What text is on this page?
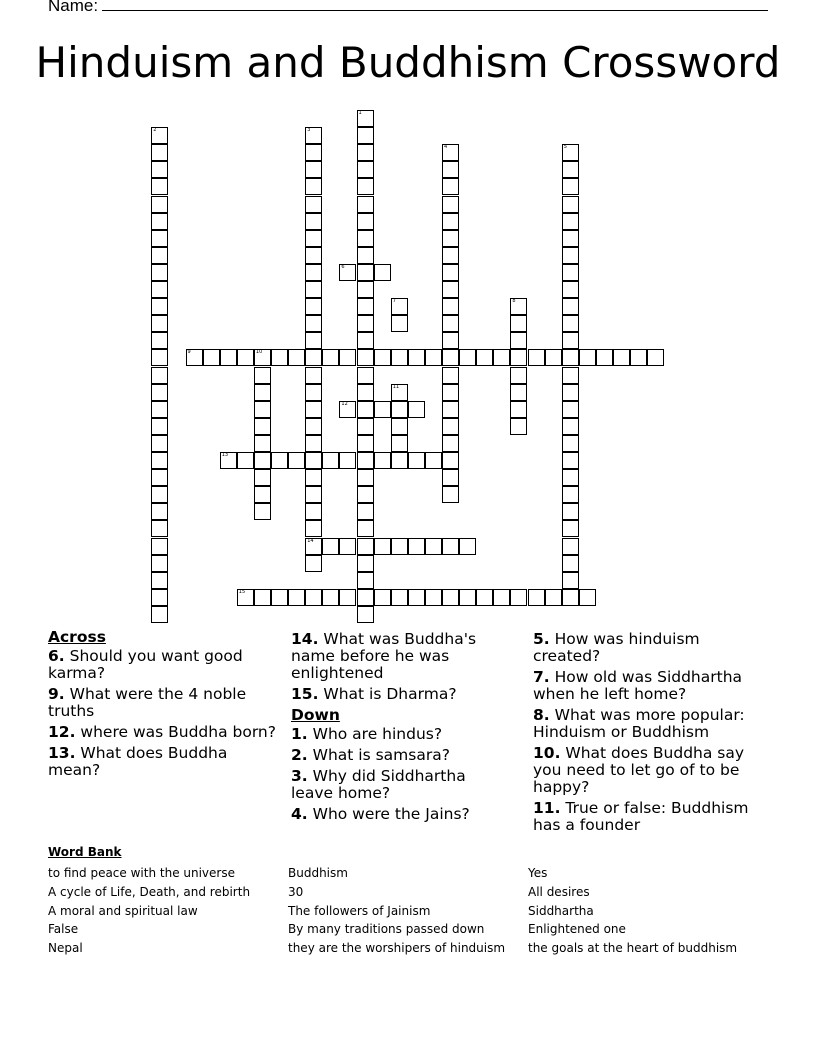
Name:
Hinduism and Buddhism Crossword
1
2	3
14
4	5
6
7	8
9	10
11
12
13
15
Across
6. Should you want good karma?
9. What were the 4 noble truths
12. where was Buddha born?
13. What does Buddha mean?
14. What was Buddha's name before he was enlightened
15. What is Dharma?
Down
1. Who are hindus?
2. What is samsara?
3. Why did Siddhartha leave home?
4. Who were the Jains?
5. How was hinduism created?
7. How old was Siddhartha when he left home?
8. What was more popular: Hinduism or Buddhism
10. What does Buddha say you need to let go of to be happy?
11. True or false: Buddhism has a founder
Word Bank
to find peace with the universe
A cycle of Life, Death, and rebirth
A moral and spiritual law
False
Nepal
Buddhism
30
The followers of Jainism
By many traditions passed down
they are the worshipers of hinduism
Yes
All desires
Siddhartha
Enlightened one
the goals at the heart of buddhism
